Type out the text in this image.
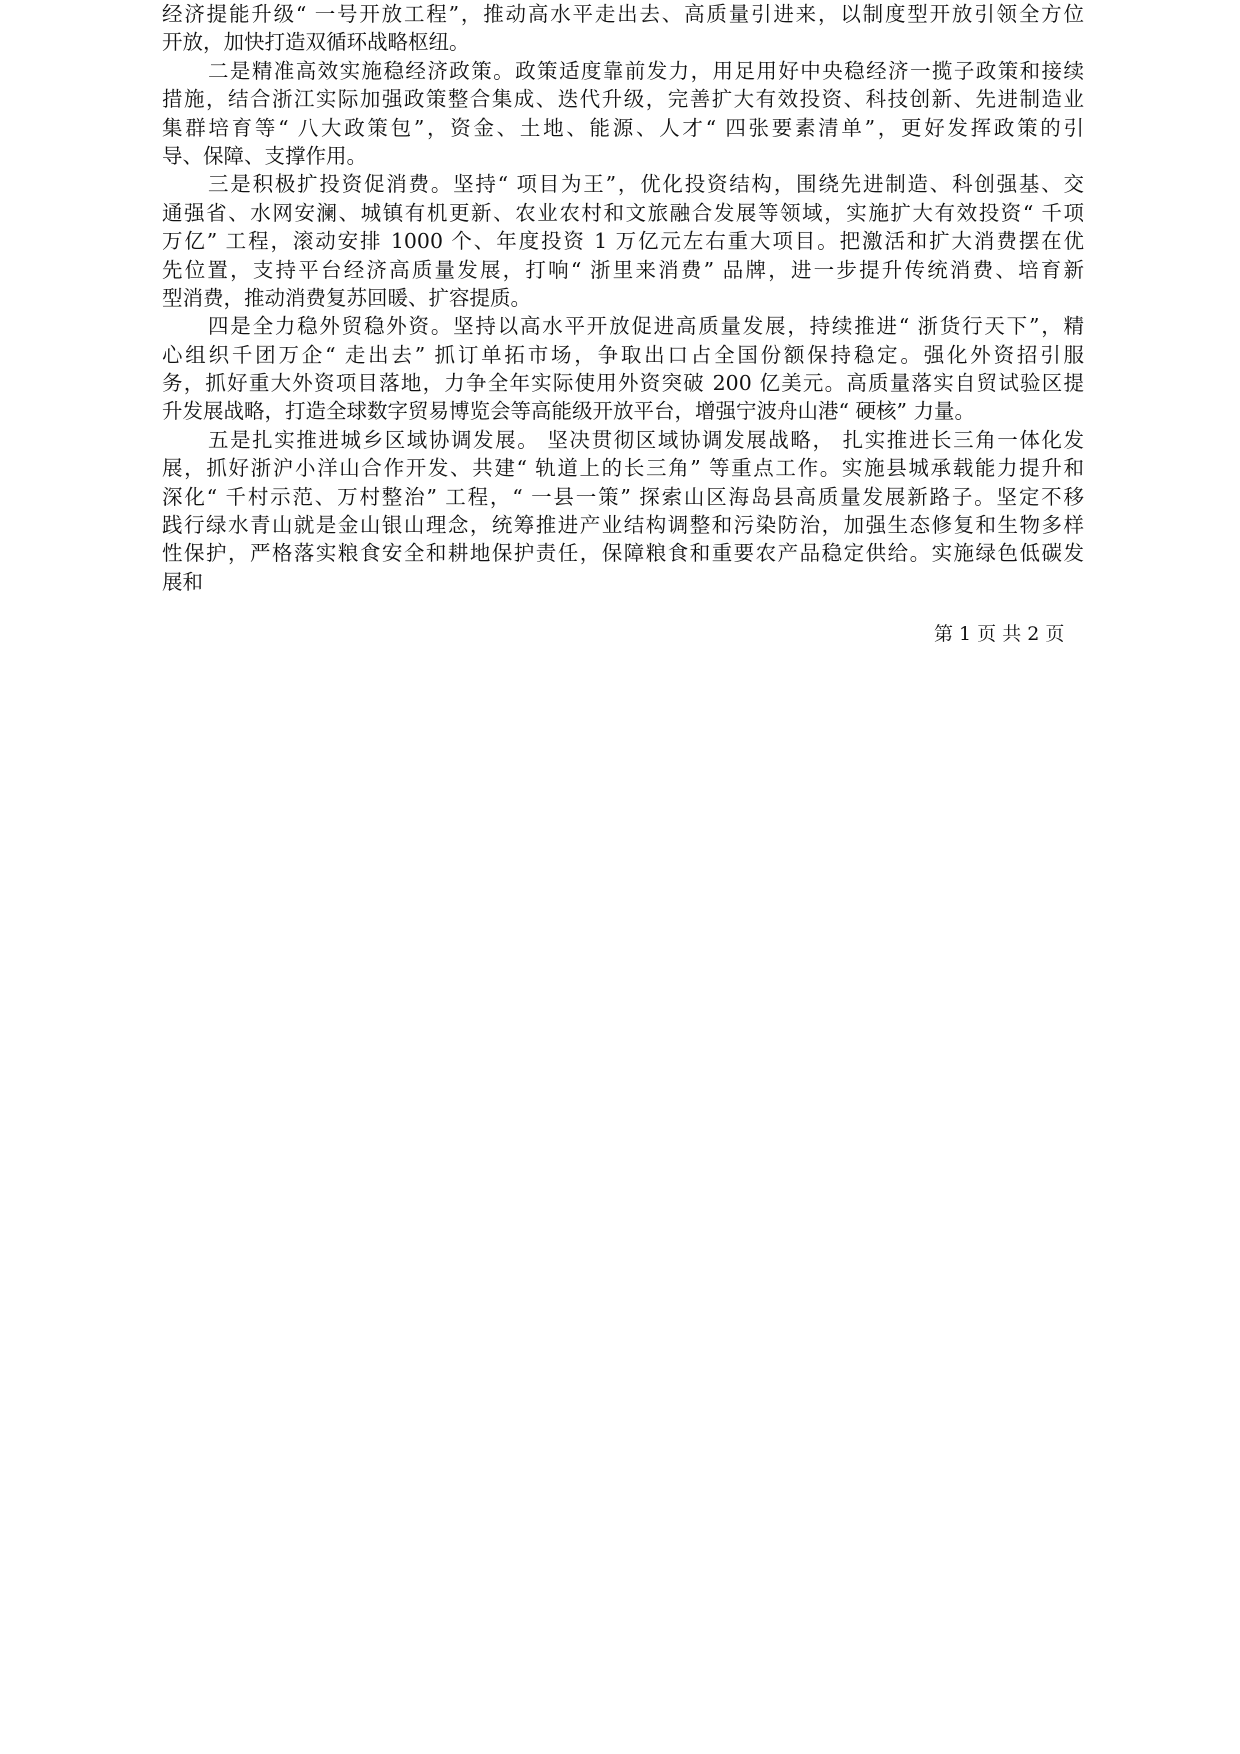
经济提能升级“ 一号开放工程”，推动高水平走出去、高质量引进来，以制度型开放引领全方位
开放，加快打造双循环战略枢纽。
二是精准高效实施稳经济政策。政策适度靠前发力，用足用好中央稳经济一揽子政策和接续
措施，结合浙江实际加强政策整合集成、迭代升级，完善扩大有效投资、科技创新、先进制造业
集群培育等“ 八大政策包”，资金、土地、能源、人才“ 四张要素清单”，更好发挥政策的引
导、保障、支撑作用。
三是积极扩投资促消费。坚持“ 项目为王”，优化投资结构，围绕先进制造、科创强基、交
通强省、水网安澜、城镇有机更新、农业农村和文旅融合发展等领域，实施扩大有效投资“ 千项
万亿” 工程，滚动安排 1000 个、年度投资 1 万亿元左右重大项目。把激活和扩大消费摆在优
先位置，支持平台经济高质量发展，打响“ 浙里来消费” 品牌，进一步提升传统消费、培育新
型消费，推动消费复苏回暖、扩容提质。
四是全力稳外贸稳外资。坚持以高水平开放促进高质量发展，持续推进“ 浙货行天下”，精
心组织千团万企“ 走出去” 抓订单拓市场，争取出口占全国份额保持稳定。强化外资招引服
务，抓好重大外资项目落地，力争全年实际使用外资突破 200 亿美元。高质量落实自贸试验区提
升发展战略，打造全球数字贸易博览会等高能级开放平台，增强宁波舟山港“ 硬核” 力量。
五是扎实推进城乡区域协调发展。 坚决贯彻区域协调发展战略， 扎实推进长三角一体化发
展，抓好浙沪小洋山合作开发、共建“ 轨道上的长三角” 等重点工作。实施县城承载能力提升和
深化“ 千村示范、万村整治” 工程，“ 一县一策” 探索山区海岛县高质量发展新路子。坚定不移
践行绿水青山就是金山银山理念，统筹推进产业结构调整和污染防治，加强生态修复和生物多样
性保护，严格落实粮食安全和耕地保护责任，保障粮食和重要农产品稳定供给。实施绿色低碳发
展和
第 1 页 共 2 页
